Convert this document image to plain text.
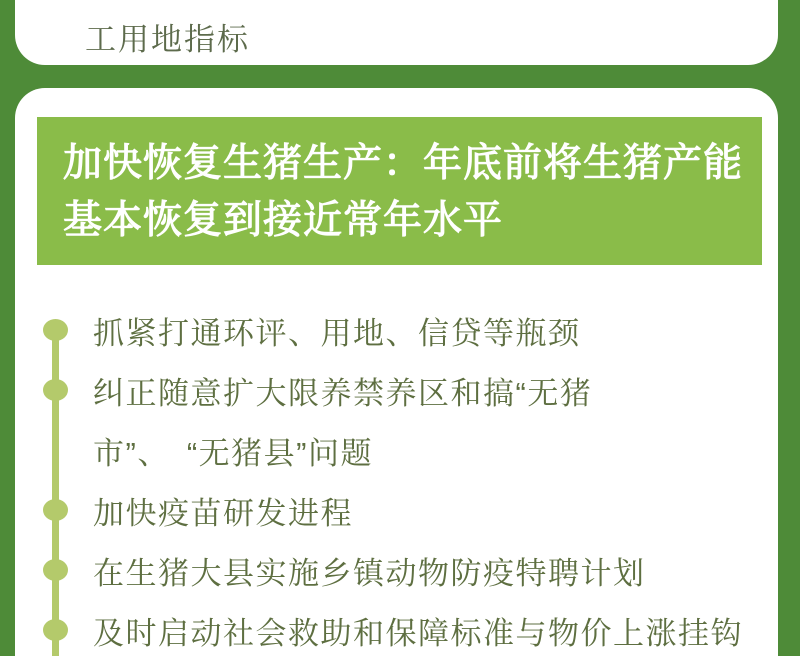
工用地指标
加快恢复生猪生产：年底前将生猪产能
基本恢复到接近常年水平
抓紧打通环评、用地、信贷等瓶颈
纠正随意扩大限养禁养区和搞“无猪
市”、　“无猪县”问题
加快疫苗研发进程
在生猪大县实施乡镇动物防疫特聘计划
及时启动社会救助和保障标准与物价上涨挂钩
